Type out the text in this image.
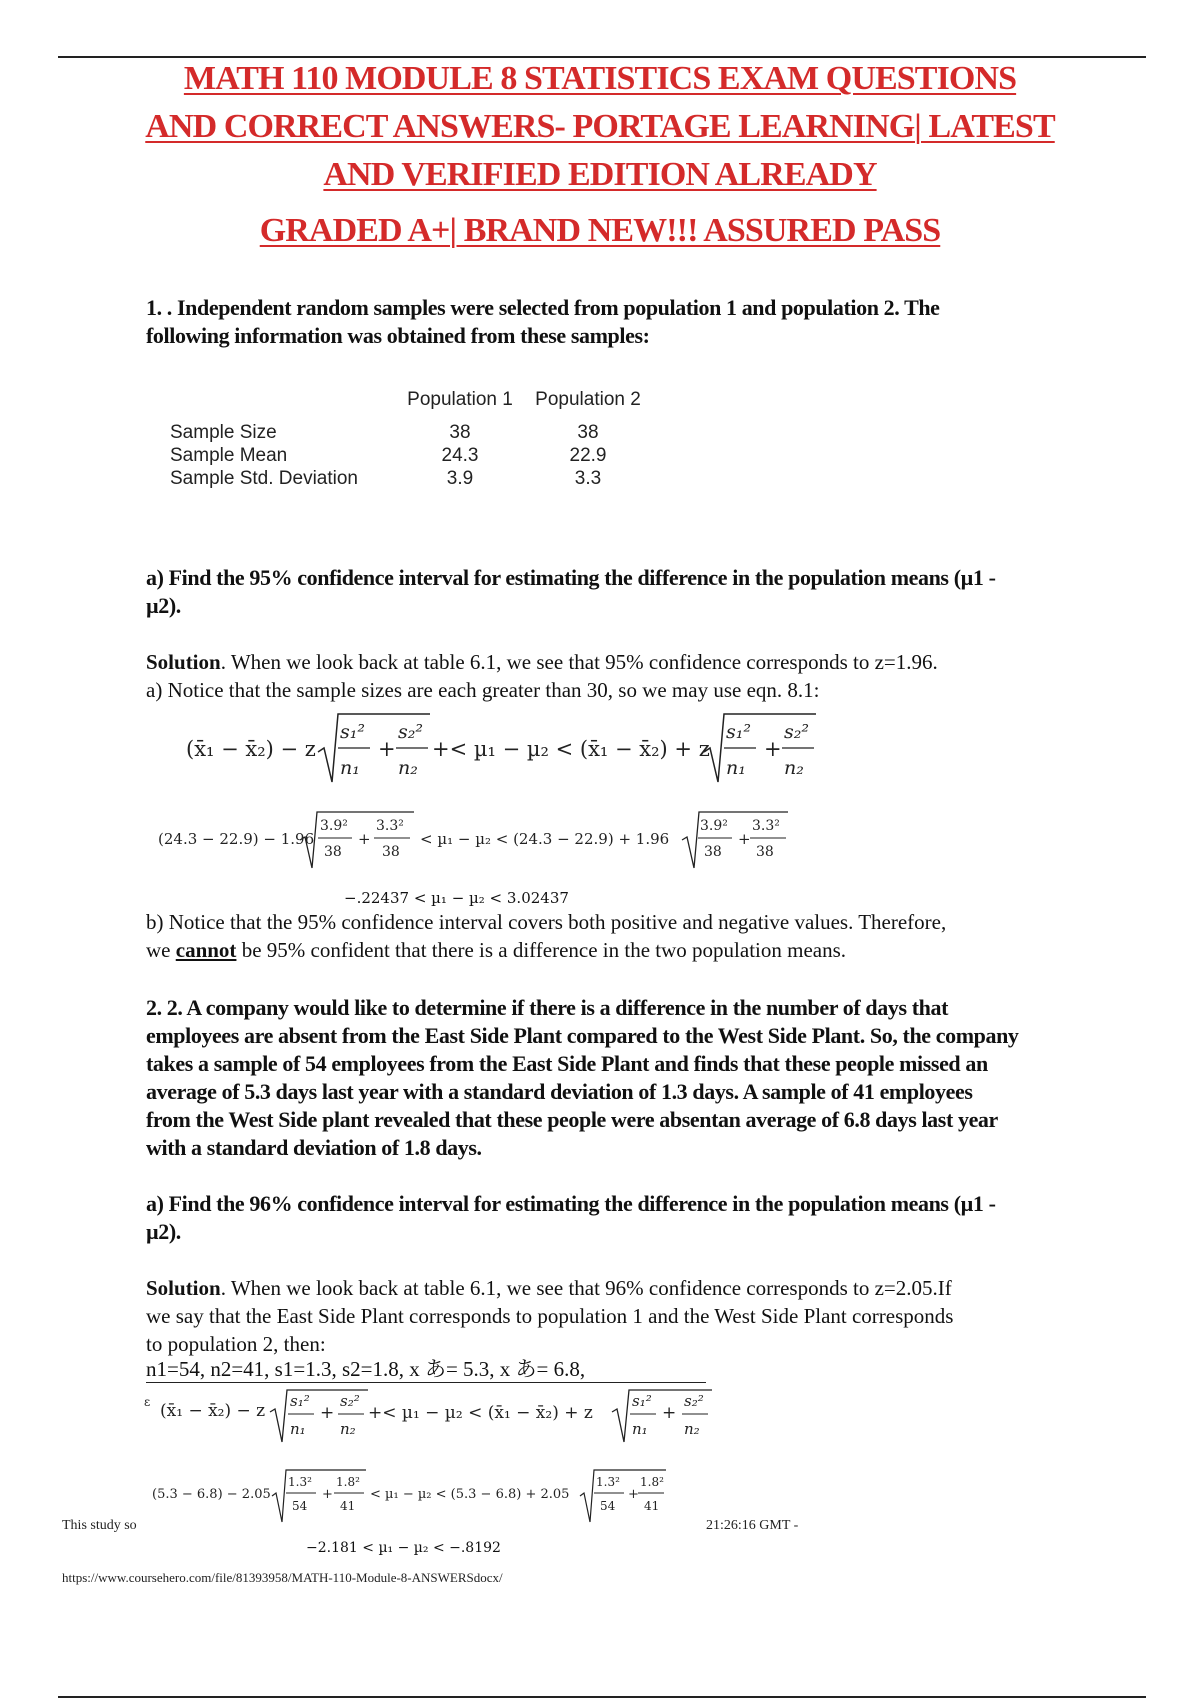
MATH 110 MODULE 8 STATISTICS EXAM QUESTIONS
AND CORRECT ANSWERS- PORTAGE LEARNING| LATEST
AND VERIFIED EDITION ALREADY
GRADED A+| BRAND NEW!!! ASSURED PASS
1. . Independent random samples were selected from population 1 and population 2. The
following information was obtained from these samples:
	Population 1	Population 2
Sample Size	38	38
Sample Mean	24.3	22.9
Sample Std. Deviation	3.9	3.3
a) Find the 95% confidence interval for estimating the difference in the population means (µ1 -
µ2).
Solution. When we look back at table 6.1, we see that 95% confidence corresponds to z=1.96.
a) Notice that the sample sizes are each greater than 30, so we may use eqn. 8.1:
(x̄₁ − x̄₂) − z
s₁²
n₁
+
s₂²
n₂
+< µ₁ − µ₂ < (x̄₁ − x̄₂) + z
s₁²
n₁
+
s₂²
n₂
(24.3 − 22.9) − 1.96
3.9²
38
+
3.3²
38
< µ₁ − µ₂ < (24.3 − 22.9) + 1.96
3.9²
38
+
3.3²
38
−.22437 < µ₁ − µ₂ < 3.02437
b) Notice that the 95% confidence interval covers both positive and negative values. Therefore,
we cannot be 95% confident that there is a difference in the two population means.
2. 2. A company would like to determine if there is a difference in the number of days that
employees are absent from the East Side Plant compared to the West Side Plant. So, the company
takes a sample of 54 employees from the East Side Plant and finds that these people missed an
average of 5.3 days last year with a standard deviation of 1.3 days. A sample of 41 employees
from the West Side plant revealed that these people were absentan average of 6.8 days last year
with a standard deviation of 1.8 days.
a) Find the 96% confidence interval for estimating the difference in the population means (µ1 -
µ2).
Solution. When we look back at table 6.1, we see that 96% confidence corresponds to z=2.05.If
we say that the East Side Plant corresponds to population 1 and the West Side Plant corresponds
to population 2, then:
n1=54, n2=41, s1=1.3, s2=1.8, x あ= 5.3, x あ= 6.8,
ε (x̄₁ − x̄₂) − z s₁²
n₁
+
s₂²
n₂
+< µ₁ − µ₂ < (x̄₁ − x̄₂) + z
s₁²
n₁
+
s₂²
n₂
(5.3 − 6.8) − 2.05
1.3²
54
+
1.8²
41
< µ₁ − µ₂ < (5.3 − 6.8) + 2.05
1.3²
54
+
1.8²
41
This study so	21:26:16 GMT -
−2.181 < µ₁ − µ₂ < −.8192
https://www.coursehero.com/file/81393958/MATH-110-Module-8-ANSWERSdocx/
